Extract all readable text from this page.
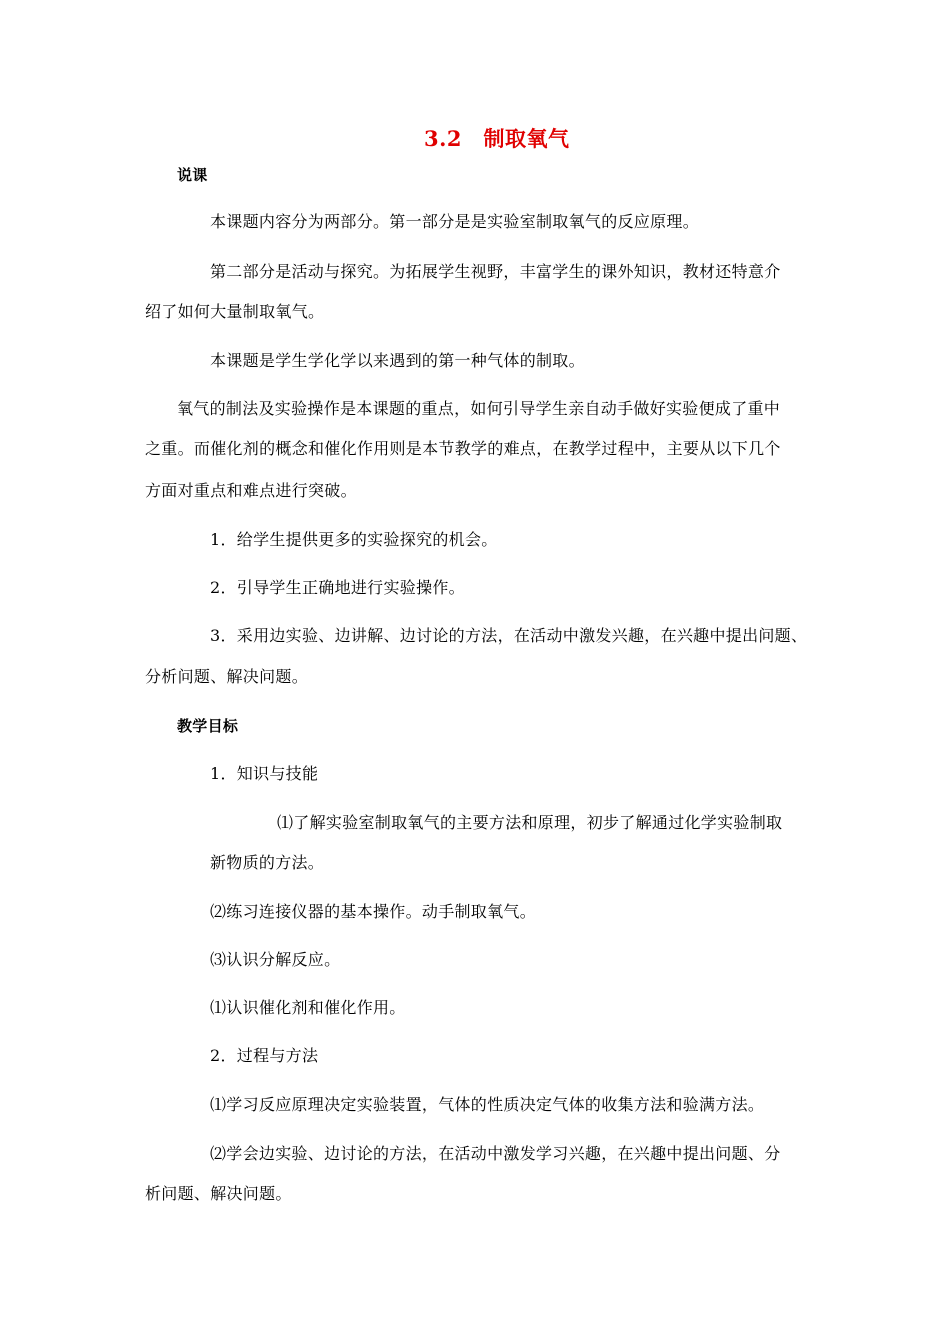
3.2　制取氧气
说课
本课题内容分为两部分。第一部分是是实验室制取氧气的反应原理。
第二部分是活动与探究。为拓展学生视野，丰富学生的课外知识，教材还特意介
绍了如何大量制取氧气。
本课题是学生学化学以来遇到的第一种气体的制取。
氧气的制法及实验操作是本课题的重点，如何引导学生亲自动手做好实验便成了重中
之重。而催化剂的概念和催化作用则是本节教学的难点，在教学过程中，主要从以下几个
方面对重点和难点进行突破。
1．给学生提供更多的实验探究的机会。
2．引导学生正确地进行实验操作。
3．采用边实验、边讲解、边讨论的方法，在活动中激发兴趣，在兴趣中提出问题、
分析问题、解决问题。
教学目标
1．知识与技能
⑴了解实验室制取氧气的主要方法和原理，初步了解通过化学实验制取
新物质的方法。
⑵练习连接仪器的基本操作。动手制取氧气。
⑶认识分解反应。
⑴认识催化剂和催化作用。
2．过程与方法
⑴学习反应原理决定实验装置，气体的性质决定气体的收集方法和验满方法。
⑵学会边实验、边讨论的方法，在活动中激发学习兴趣，在兴趣中提出问题、分
析问题、解决问题。
